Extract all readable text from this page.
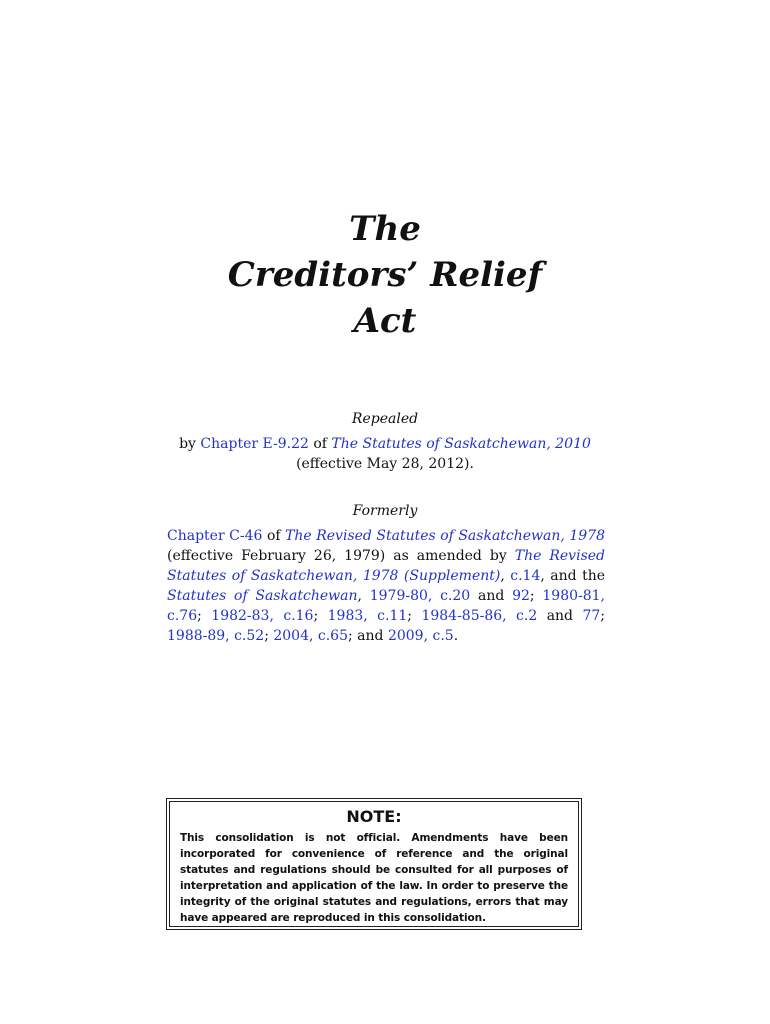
The
Creditors’ Relief
Act

Repealed

by Chapter E-9.22 of The Statutes of Saskatchewan, 2010
(effective May 28, 2012).

Formerly

Chapter C-46 of The Revised Statutes of Saskatchewan, 1978 (effective February 26, 1979) as amended by The Revised Statutes of Saskatchewan, 1978 (Supplement), c.14, and the Statutes of Saskatchewan, 1979-80, c.20 and 92; 1980-81, c.76; 1982-83, c.16; 1983, c.11; 1984-85-86, c.2 and 77; 1988-89, c.52; 2004, c.65; and 2009, c.5.

NOTE:

This consolidation is not official. Amendments have been incorporated for convenience of reference and the original statutes and regulations should be consulted for all purposes of interpretation and application of the law. In order to preserve the integrity of the original statutes and regulations, errors that may have appeared are reproduced in this consolidation.
